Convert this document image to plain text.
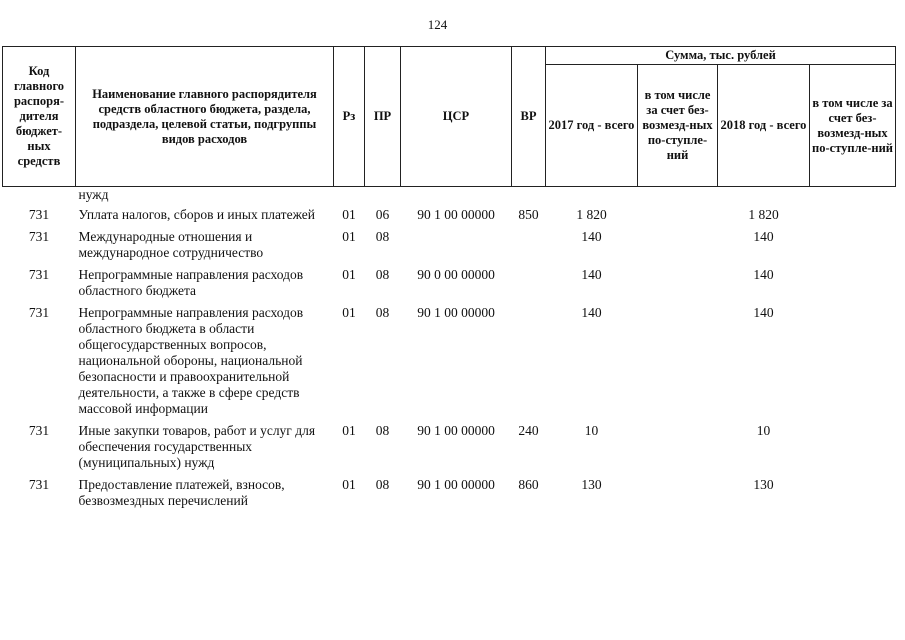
124
Код главного распоря-дителя бюджет-ных средств	Наименование главного распорядителя средств областного бюджета, раздела, подраздела, целевой статьи, подгруппы видов расходов	Рз	ПР	ЦСР	ВР	Сумма, тыс. рублей			
						2017 год - всего	в том числе за счет без-возмезд-ных по-ступле-ний	2018 год - всего	в том числе за счет без-возмезд-ных по-ступле-ний
	нужд								
731	Уплата налогов, сборов и иных платежей	01	06	90 1 00 00000	850	1 820		1 820	

731	Международные отношения и международное сотрудничество	01	08			140		140	

731	Непрограммные направления расходов областного бюджета	01	08	90 0 00 00000		140		140	

731	Непрограммные направления расходов областного бюджета в области общегосударственных вопросов, национальной обороны, национальной безопасности и правоохранительной деятельности, а также в сфере средств массовой информации	01	08	90 1 00 00000		140		140	

731	Иные закупки товаров, работ и услуг для обеспечения государственных (муниципальных) нужд	01	08	90 1 00 00000	240	10		10	

731	Предоставление платежей, взносов, безвозмездных перечислений	01	08	90 1 00 00000	860	130		130	
